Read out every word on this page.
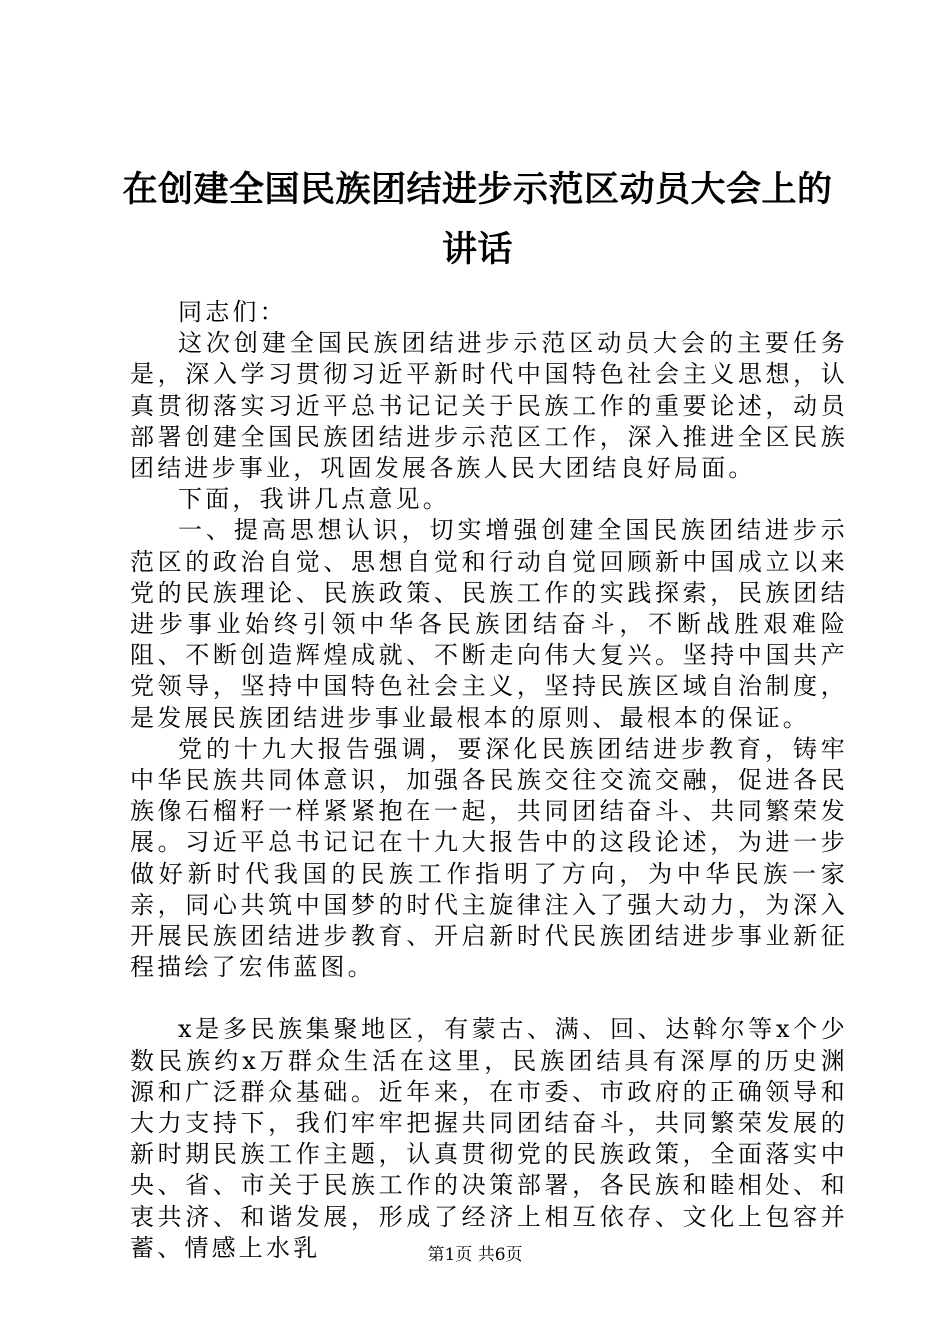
在创建全国民族团结进步示范区动员大会上的讲话

同志们：

这次创建全国民族团结进步示范区动员大会的主要任务是，深入学习贯彻习近平新时代中国特色社会主义思想，认真贯彻落实习近平总书记记关于民族工作的重要论述，动员部署创建全国民族团结进步示范区工作，深入推进全区民族团结进步事业，巩固发展各族人民大团结良好局面。

下面，我讲几点意见。

一、提高思想认识，切实增强创建全国民族团结进步示范区的政治自觉、思想自觉和行动自觉回顾新中国成立以来党的民族理论、民族政策、民族工作的实践探索，民族团结进步事业始终引领中华各民族团结奋斗，不断战胜艰难险阻、不断创造辉煌成就、不断走向伟大复兴。坚持中国共产党领导，坚持中国特色社会主义，坚持民族区域自治制度，是发展民族团结进步事业最根本的原则、最根本的保证。

党的十九大报告强调，要深化民族团结进步教育，铸牢中华民族共同体意识，加强各民族交往交流交融，促进各民族像石榴籽一样紧紧抱在一起，共同团结奋斗、共同繁荣发展。习近平总书记记在十九大报告中的这段论述，为进一步做好新时代我国的民族工作指明了方向，为中华民族一家亲，同心共筑中国梦的时代主旋律注入了强大动力，为深入开展民族团结进步教育、开启新时代民族团结进步事业新征程描绘了宏伟蓝图。

x是多民族集聚地区，有蒙古、满、回、达斡尔等x个少数民族约x万群众生活在这里，民族团结具有深厚的历史渊源和广泛群众基础。近年来，在市委、市政府的正确领导和大力支持下，我们牢牢把握共同团结奋斗，共同繁荣发展的新时期民族工作主题，认真贯彻党的民族政策，全面落实中央、省、市关于民族工作的决策部署，各民族和睦相处、和衷共济、和谐发展，形成了经济上相互依存、文化上包容并蓄、情感上水乳	第1页 共6页
